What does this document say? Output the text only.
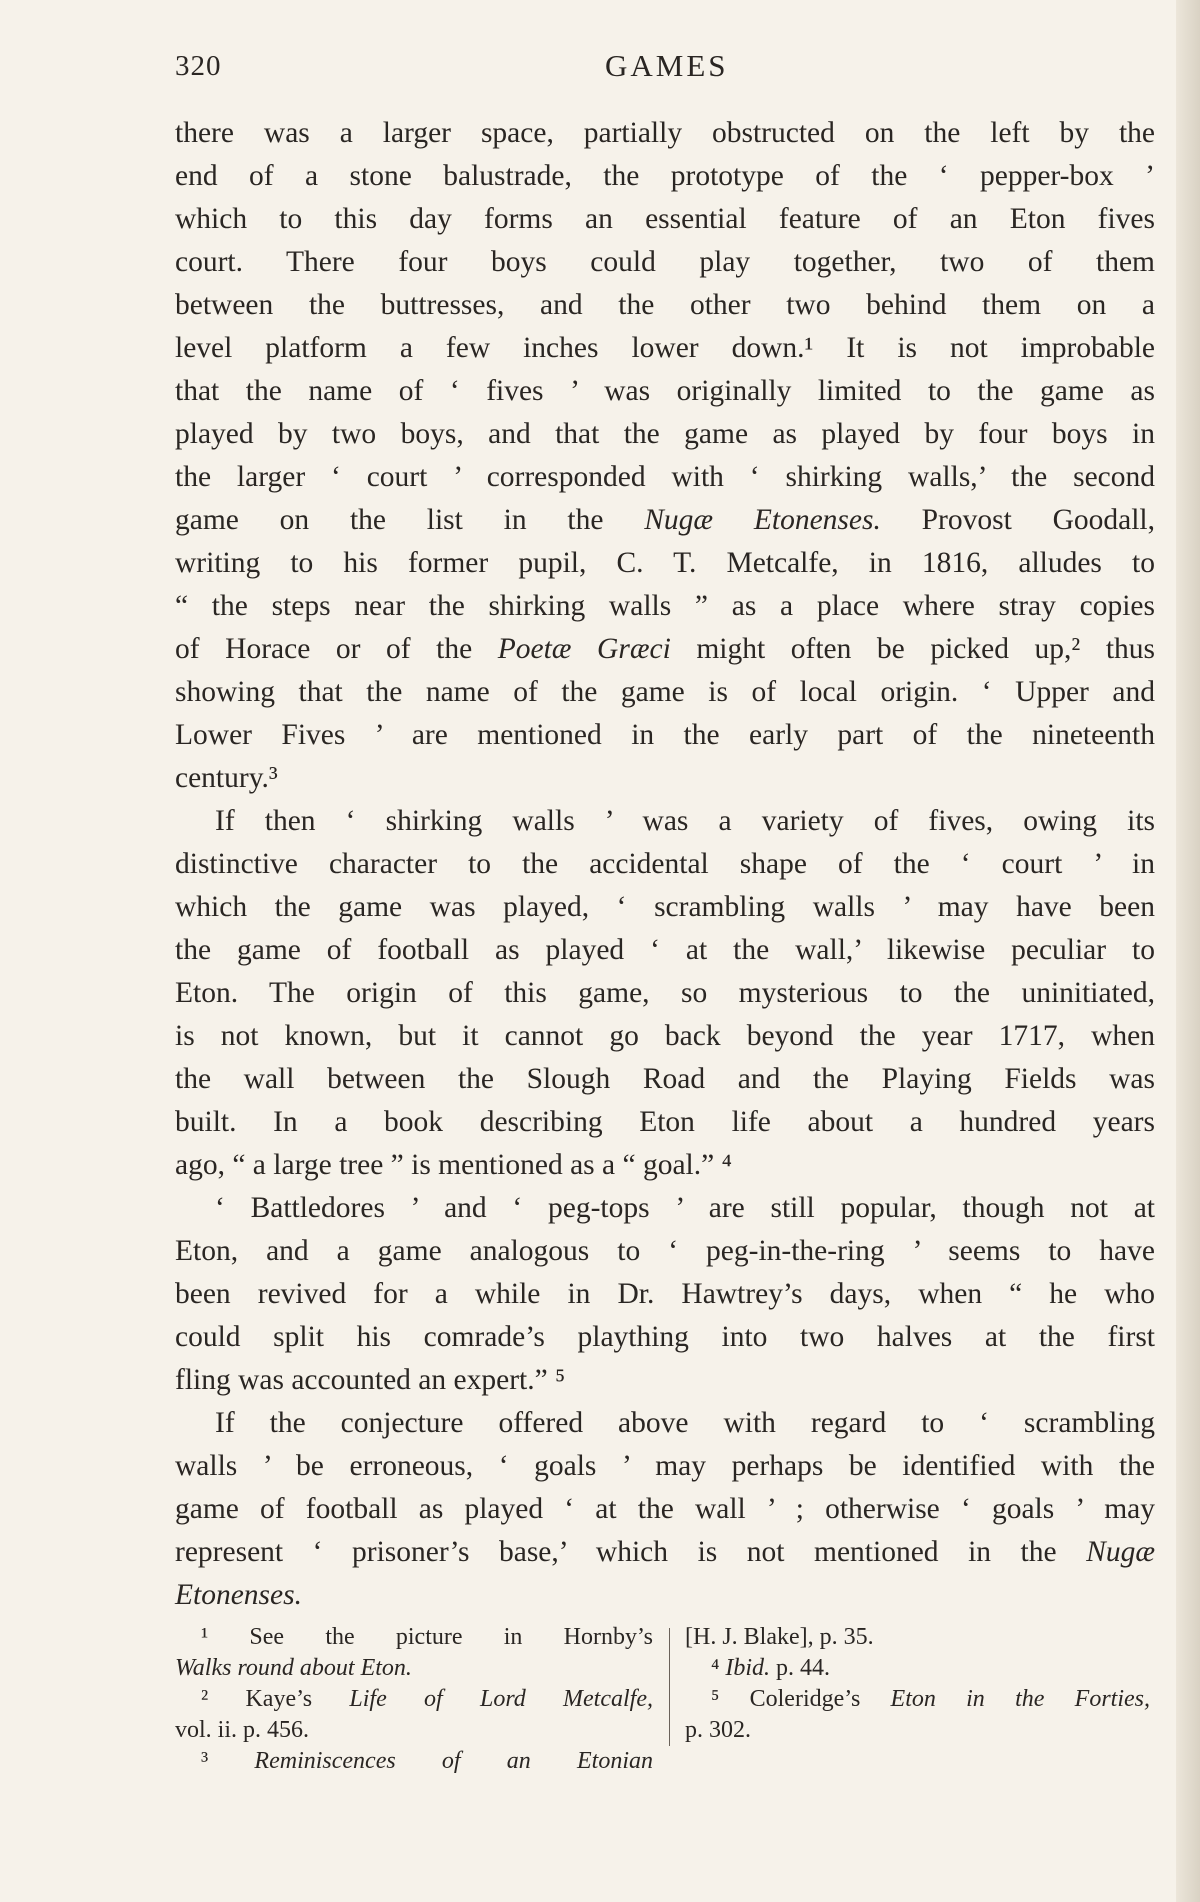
320	GAMES
there was a larger space, partially obstructed on the left by the
end of a stone balustrade, the prototype of the ‘ pepper-box ’
which to this day forms an essential feature of an Eton fives
court. There four boys could play together, two of them
between the buttresses, and the other two behind them on a
level platform a few inches lower down.¹ It is not improbable
that the name of ‘ fives ’ was originally limited to the game as
played by two boys, and that the game as played by four boys in
the larger ‘ court ’ corresponded with ‘ shirking walls,’ the second
game on the list in the Nugæ Etonenses. Provost Goodall,
writing to his former pupil, C. T. Metcalfe, in 1816, alludes to
“ the steps near the shirking walls ” as a place where stray copies
of Horace or of the Poetæ Græci might often be picked up,² thus
showing that the name of the game is of local origin. ‘ Upper and
Lower Fives ’ are mentioned in the early part of the nineteenth
century.³
If then ‘ shirking walls ’ was a variety of fives, owing its
distinctive character to the accidental shape of the ‘ court ’ in
which the game was played, ‘ scrambling walls ’ may have been
the game of football as played ‘ at the wall,’ likewise peculiar to
Eton. The origin of this game, so mysterious to the uninitiated,
is not known, but it cannot go back beyond the year 1717, when
the wall between the Slough Road and the Playing Fields was
built. In a book describing Eton life about a hundred years
ago, “ a large tree ” is mentioned as a “ goal.” ⁴
‘ Battledores ’ and ‘ peg-tops ’ are still popular, though not at
Eton, and a game analogous to ‘ peg-in-the-ring ’ seems to have
been revived for a while in Dr. Hawtrey’s days, when “ he who
could split his comrade’s plaything into two halves at the first
fling was accounted an expert.” ⁵
If the conjecture offered above with regard to ‘ scrambling
walls ’ be erroneous, ‘ goals ’ may perhaps be identified with the
game of football as played ‘ at the wall ’ ; otherwise ‘ goals ’ may
represent ‘ prisoner’s base,’ which is not mentioned in the Nugæ
Etonenses.
¹ See the picture in Hornby’s
Walks round about Eton.
² Kaye’s Life of Lord Metcalfe,
vol. ii. p. 456.
³ Reminiscences of an Etonian
[H. J. Blake], p. 35.
⁴ Ibid. p. 44.
⁵ Coleridge’s Eton in the Forties,
p. 302.
